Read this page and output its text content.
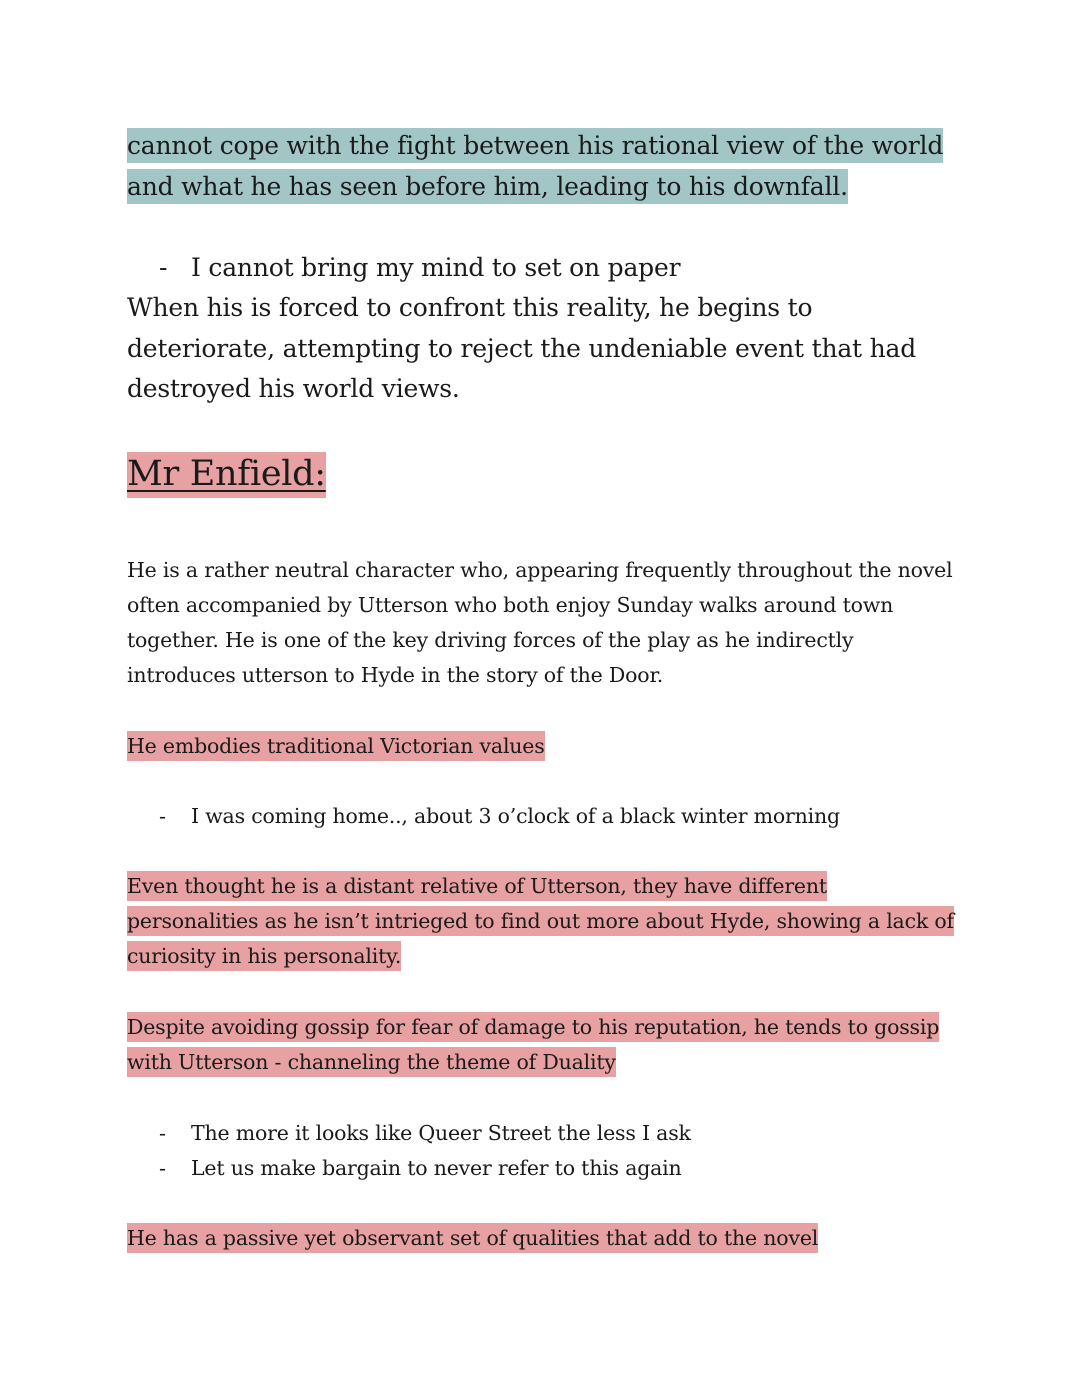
cannot cope with the fight between his rational view of the world and what he has seen before him, leading to his downfall.

- I cannot bring my mind to set on paper

When his is forced to confront this reality, he begins to deteriorate, attempting to reject the undeniable event that had destroyed his world views.

Mr Enfield:

He is a rather neutral character who, appearing frequently throughout the novel often accompanied by Utterson who both enjoy Sunday walks around town together. He is one of the key driving forces of the play as he indirectly introduces utterson to Hyde in the story of the Door.

He embodies traditional Victorian values

- I was coming home.., about 3 o’clock of a black winter morning

Even thought he is a distant relative of Utterson, they have different personalities as he isn’t intrieged to find out more about Hyde, showing a lack of curiosity in his personality.

Despite avoiding gossip for fear of damage to his reputation, he tends to gossip with Utterson - channeling the theme of Duality

- The more it looks like Queer Street the less I ask

- Let us make bargain to never refer to this again

He has a passive yet observant set of qualities that add to the novel
